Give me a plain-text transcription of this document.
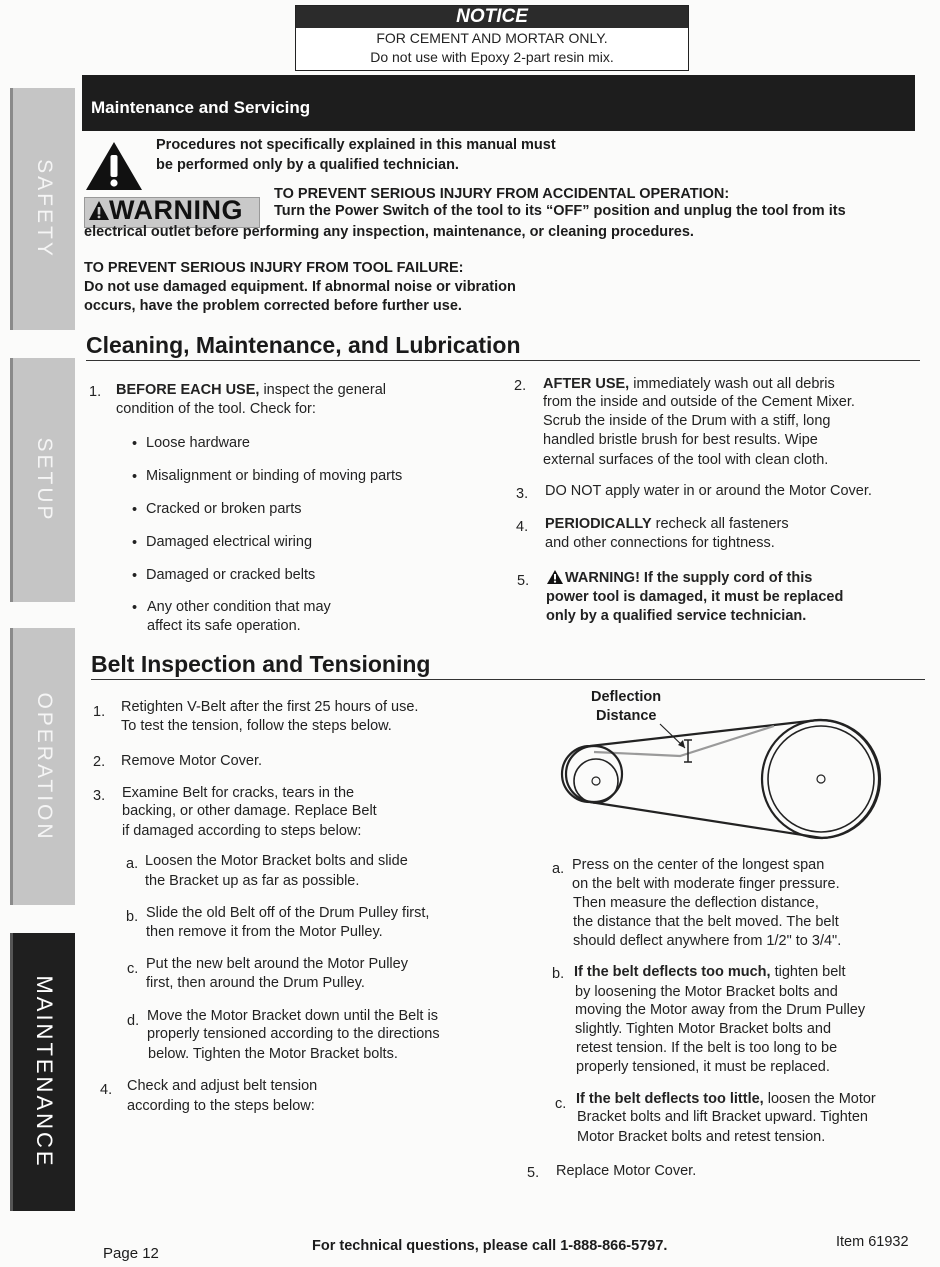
NOTICE
FOR CEMENT AND MORTAR ONLY.
Do not use with Epoxy 2-part resin mix.
SAFETY
SETUP
OPERATION
MAINTENANCE
Maintenance and Servicing
Procedures not specifically explained in this manual must
be performed only by a qualified technician.
WARNING
TO PREVENT SERIOUS INJURY FROM ACCIDENTAL OPERATION:
Turn the Power Switch of the tool to its “OFF” position and unplug the tool from its
electrical outlet before performing any inspection, maintenance, or cleaning procedures.
TO PREVENT SERIOUS INJURY FROM TOOL FAILURE:
Do not use damaged equipment. If abnormal noise or vibration
occurs, have the problem corrected before further use.
Cleaning, Maintenance, and Lubrication
1. BEFORE EACH USE, inspect the general
condition of the tool. Check for:
• Loose hardware
• Misalignment or binding of moving parts
• Cracked or broken parts
• Damaged electrical wiring
• Damaged or cracked belts
• Any other condition that may
affect its safe operation.
2. AFTER USE, immediately wash out all debris
from the inside and outside of the Cement Mixer.
Scrub the inside of the Drum with a stiff, long
handled bristle brush for best results. Wipe
external surfaces of the tool with clean cloth.
3. DO NOT apply water in or around the Motor Cover.
4. PERIODICALLY recheck all fasteners
and other connections for tightness.
5. WARNING! If the supply cord of this
power tool is damaged, it must be replaced
only by a qualified service technician.
Belt Inspection and Tensioning
1. Retighten V-Belt after the first 25 hours of use.
To test the tension, follow the steps below.
2. Remove Motor Cover.
3. Examine Belt for cracks, tears in the
backing, or other damage. Replace Belt
if damaged according to steps below:
a. Loosen the Motor Bracket bolts and slide
the Bracket up as far as possible.
b. Slide the old Belt off of the Drum Pulley first,
then remove it from the Motor Pulley.
c. Put the new belt around the Motor Pulley
first, then around the Drum Pulley.
d. Move the Motor Bracket down until the Belt is
properly tensioned according to the directions
below. Tighten the Motor Bracket bolts.
4. Check and adjust belt tension
according to the steps below:
Deflection
Distance
a. Press on the center of the longest span
on the belt with moderate finger pressure.
Then measure the deflection distance,
the distance that the belt moved. The belt
should deflect anywhere from 1/2" to 3/4".
b. If the belt deflects too much, tighten belt
by loosening the Motor Bracket bolts and
moving the Motor away from the Drum Pulley
slightly. Tighten Motor Bracket bolts and
retest tension. If the belt is too long to be
properly tensioned, it must be replaced.
c. If the belt deflects too little, loosen the Motor
Bracket bolts and lift Bracket upward. Tighten
Motor Bracket bolts and retest tension.
5. Replace Motor Cover.
Page 12	For technical questions, please call 1-888-866-5797.	Item 61932
